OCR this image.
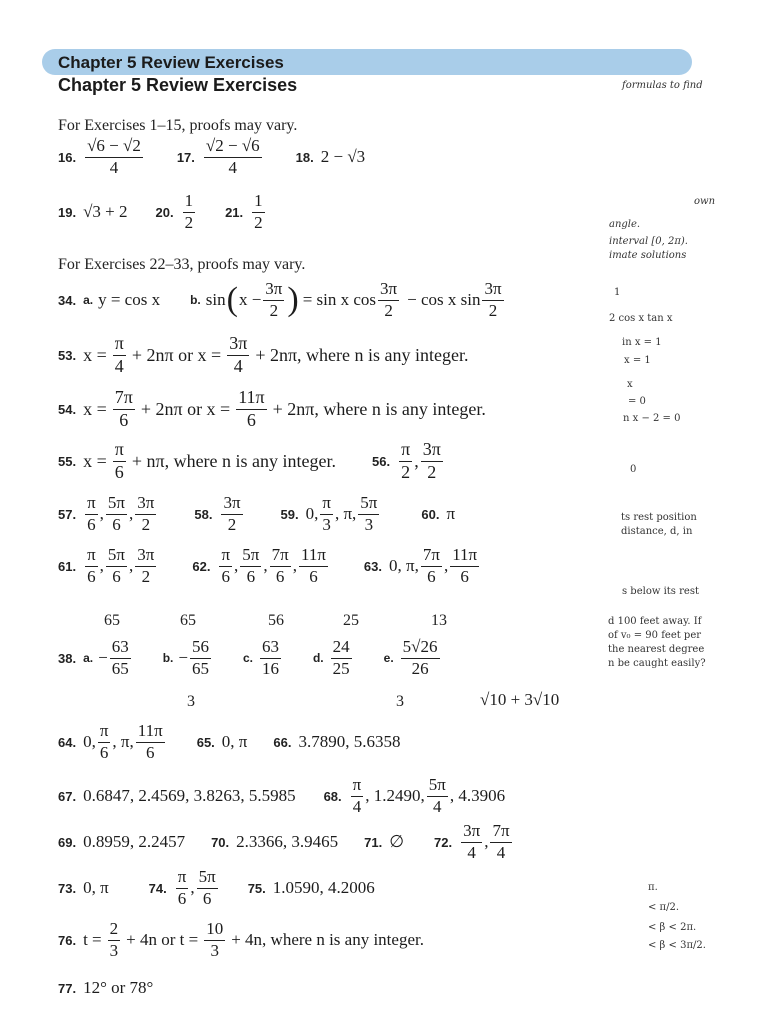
Chapter 5 Review Exercises
Chapter 5 Review Exercises	formulas to find
own
angle.
interval [0, 2π).
imate solutions
1
2 cos x tan x
in x = 1
x = 1
x
= 0
n x − 2 = 0
0
ts rest position
distance, d, in
s below its rest
d 100 feet away. If
of v₀ = 90 feet per
the nearest degree
n be caught easily?
π.
< π/2.
< β < 2π.
< β < 3π/2.
For Exercises 1–15, proofs may vary.
16. $\frac{√6 - √2}{4}$	17. $\frac{√2 - √6}{4}$	18. 2 − √3
19. √3 + 2 20. $\frac{1}{2} 21$. $\frac{1}{2}$
For Exercises 22–33, proofs may vary.
34. a. y = cos x	b. sin ( $x - \frac{3\pi}{2}$ ) = sin x $\cos \frac{3\pi}{2} - \cos x$ $\sin \frac{3\pi}{2}$
53. $x = \frac{\pi}{4} + 2n\pi$ or $x = \frac{3\pi}{4} + 2n\pi$, where n is any integer.
54. $x = \frac{7\pi}{6} + 2n\pi$ or $x = \frac{11\pi}{6} + 2n\pi$, where n is any integer.
55. $x = \frac{\pi}{6} + n\pi$, where n is any integer.	56. $\frac{\pi}{2}$ , $\frac{3\pi}{2}$
57. $\frac{\pi}{6}$ , $\frac{5\pi}{6}$ , $\frac{3\pi}{2}$	58. $\frac{3\pi}{2}$	59. 0, $\frac{\pi}{3}$ , π, $\frac{5\pi}{3}$	60. π
61. $\frac{\pi}{6}$ , $\frac{5\pi}{6}$ , $\frac{3\pi}{2}$	62. $\frac{\pi}{6}$ , $\frac{5\pi}{6}$ , $\frac{7\pi}{6}$ , $\frac{11\pi}{6}$	63. 0, π, $\frac{7\pi}{6}$ , $\frac{11\pi}{6}$
65	65	56	25	13
38. a. − $\frac{63}{65}$	b. − $\frac{56}{65}$	c. $\frac{63}{16}$	d. $\frac{24}{25}$	e. $\frac{5√26}{26}$
3	3	√10 + 3√10
64. 0, $\frac{\pi}{6}$ , π, $\frac{11\pi}{6} 65$. 0, π 66. 3.7890, 5.6358
67. 0.6847, 2.4569, 3.8263, 5.5985 68. $\frac{\pi}{4}$ , 1.2490, $\frac{5\pi}{4}$ , 4.3906
69. 0.8959, 2.2457 70. 2.3366, 3.9465 71. ∅ 72. $\frac{3\pi}{4}$ , $\frac{7\pi}{4}$
73. 0, π	74. $\frac{\pi}{6}$ , $\frac{5\pi}{6} 75$. 1.0590, 4.2006
76. $t = \frac{2}{3} + 4n$ or $t = \frac{10}{3} + 4n$, where n is any integer.
77. 12° or 78°
